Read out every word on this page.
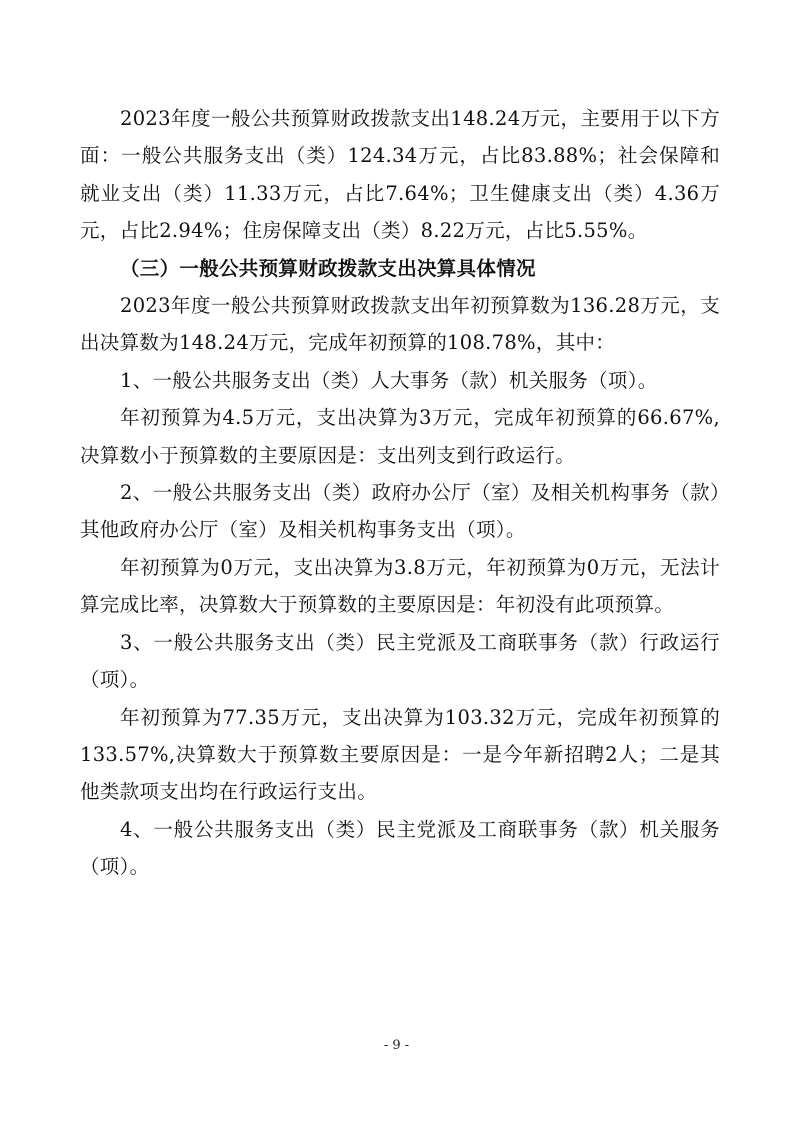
2023年度一般公共预算财政拨款支出148.24万元，主要用于以下方面：一般公共服务支出（类）124.34万元，占比83.88%；社会保障和就业支出（类）11.33万元，占比7.64%；卫生健康支出（类）4.36万元，占比2.94%；住房保障支出（类）8.22万元，占比5.55%。

（三）一般公共预算财政拨款支出决算具体情况

2023年度一般公共预算财政拨款支出年初预算数为136.28万元，支出决算数为148.24万元，完成年初预算的108.78%，其中：

1、一般公共服务支出（类）人大事务（款）机关服务（项）。

年初预算为4.5万元，支出决算为3万元，完成年初预算的66.67%,决算数小于预算数的主要原因是：支出列支到行政运行。

2、一般公共服务支出（类）政府办公厅（室）及相关机构事务（款）其他政府办公厅（室）及相关机构事务支出（项）。

年初预算为0万元，支出决算为3.8万元，年初预算为0万元，无法计算完成比率，决算数大于预算数的主要原因是：年初没有此项预算。

3、一般公共服务支出（类）民主党派及工商联事务（款）行政运行（项）。

年初预算为77.35万元，支出决算为103.32万元，完成年初预算的133.57%,决算数大于预算数主要原因是：一是今年新招聘2人；二是其他类款项支出均在行政运行支出。

4、一般公共服务支出（类）民主党派及工商联事务（款）机关服务（项）。

- 9 -
